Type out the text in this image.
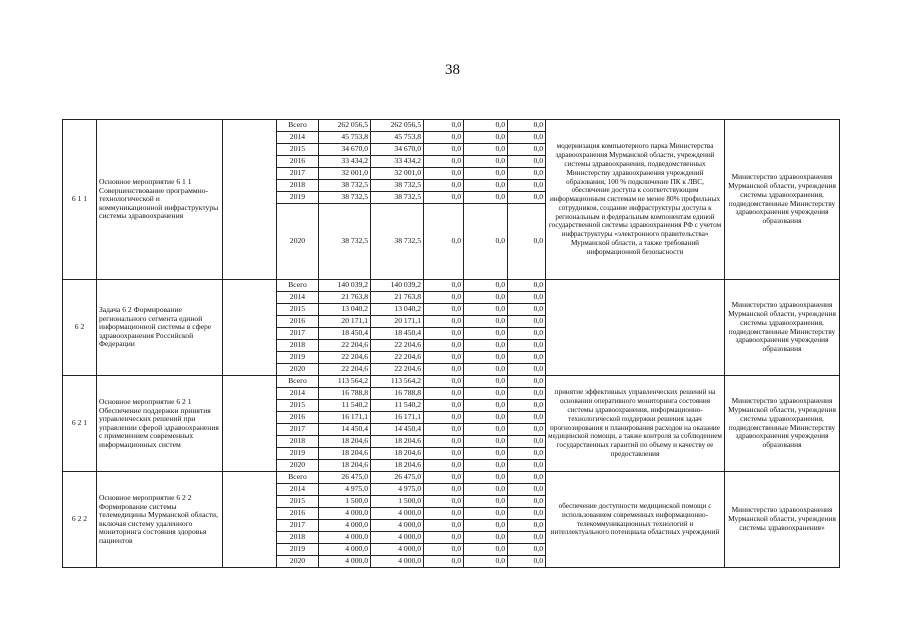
38
6 1 1	Основное мероприятие 6 1 1 Совершенствование программно-технологической и коммуникационной инфраструктуры системы здравоохранения		Всего	262 056,5	262 056,5	0,0	0,0	0,0	модернизация компьютерного парка Министерства здравоохранения Мурманской области, учреждений системы здравоохранения, подведомственных Министерству здравоохранения учреждений образования, 100 % подключение ПК к ЛВС, обеспечение доступа к соответствующим информационным системам не менее 80% профильных сотрудников, создание инфраструктуры доступа к региональным и федеральным компонентам единой государственной системы здравоохранения РФ с учетом инфраструктуры «электронного правительства» Мурманской области, а также требований информационной безопасности	Министерство здравоохранения Мурманской области, учреждения системы здравоохранения, подведомственные Министерству здравоохранения учреждения образования
			2014	45 753,8	45 753,8	0,0	0,0	0,0		
			2015	34 670,0	34 670,0	0,0	0,0	0,0		
			2016	33 434,2	33 434,2	0,0	0,0	0,0		
			2017	32 001,0	32 001,0	0,0	0,0	0,0		
			2018	38 732,5	38 732,5	0,0	0,0	0,0		
			2019	38 732,5	38 732,5	0,0	0,0	0,0		
			2020	38 732,5	38 732,5	0,0	0,0	0,0		
6 2	Задача 6 2 Формирование регионального сегмента единой информационной системы в сфере здравоохранения Российской Федерации		Всего	140 039,2	140 039,2	0,0	0,0	0,0		Министерство здравоохранения Мурманской области, учреждения системы здравоохранения, подведомственные Министерству здравоохранения учреждения образования
			2014	21 763,8	21 763,8	0,0	0,0	0,0		
			2015	13 040,2	13 040,2	0,0	0,0	0,0		
			2016	20 171,1	20 171,1	0,0	0,0	0,0		
			2017	18 450,4	18 450,4	0,0	0,0	0,0		
			2018	22 204,6	22 204,6	0,0	0,0	0,0		
			2019	22 204,6	22 204,6	0,0	0,0	0,0		
			2020	22 204,6	22 204,6	0,0	0,0	0,0		
6 2 1	Основное мероприятие 6 2 1 Обеспечение поддержки принятия управленческих решений при управлении сферой здравоохранения с применением современных информационных систем		Всего	113 564,2	113 564,2	0,0	0,0	0,0	принятие эффективных управленческих решений на основании оперативного мониторинга состояния системы здравоохранения, информационно-технологической поддержки решения задач прогнозирования и планирования расходов на оказание медицинской помощи, а также контроля за соблюдением государственных гарантий по объему и качеству ее предоставления	Министерство здравоохранения Мурманской области, учреждения системы здравоохранения, подведомственные Министерству здравоохранения учреждения образования
			2014	16 788,8	16 788,8	0,0	0,0	0,0		
			2015	11 540,2	11 540,2	0,0	0,0	0,0		
			2016	16 171,1	16 171,1	0,0	0,0	0,0		
			2017	14 450,4	14 450,4	0,0	0,0	0,0		
			2018	18 204,6	18 204,6	0,0	0,0	0,0		
			2019	18 204,6	18 204,6	0,0	0,0	0,0		
			2020	18 204,6	18 204,6	0,0	0,0	0,0		
6 2 2	Основное мероприятие 6 2 2 Формирование системы телемедицины Мурманской области, включая систему удаленного мониторинга состояния здоровья пациентов		Всего	26 475,0	26 475,0	0,0	0,0	0,0	обеспечение доступности медицинской помощи с использованием современных информационно-телекоммуникационных технологий и интеллектуального потенциала областных учреждений	Министерство здравоохранения Мурманской области, учреждения системы здравоохранения»
			2014	4 975,0	4 975,0	0,0	0,0	0,0		
			2015	1 500,0	1 500,0	0,0	0,0	0,0		
			2016	4 000,0	4 000,0	0,0	0,0	0,0		
			2017	4 000,0	4 000,0	0,0	0,0	0,0		
			2018	4 000,0	4 000,0	0,0	0,0	0,0		
			2019	4 000,0	4 000,0	0,0	0,0	0,0		
			2020	4 000,0	4 000,0	0,0	0,0	0,0		
